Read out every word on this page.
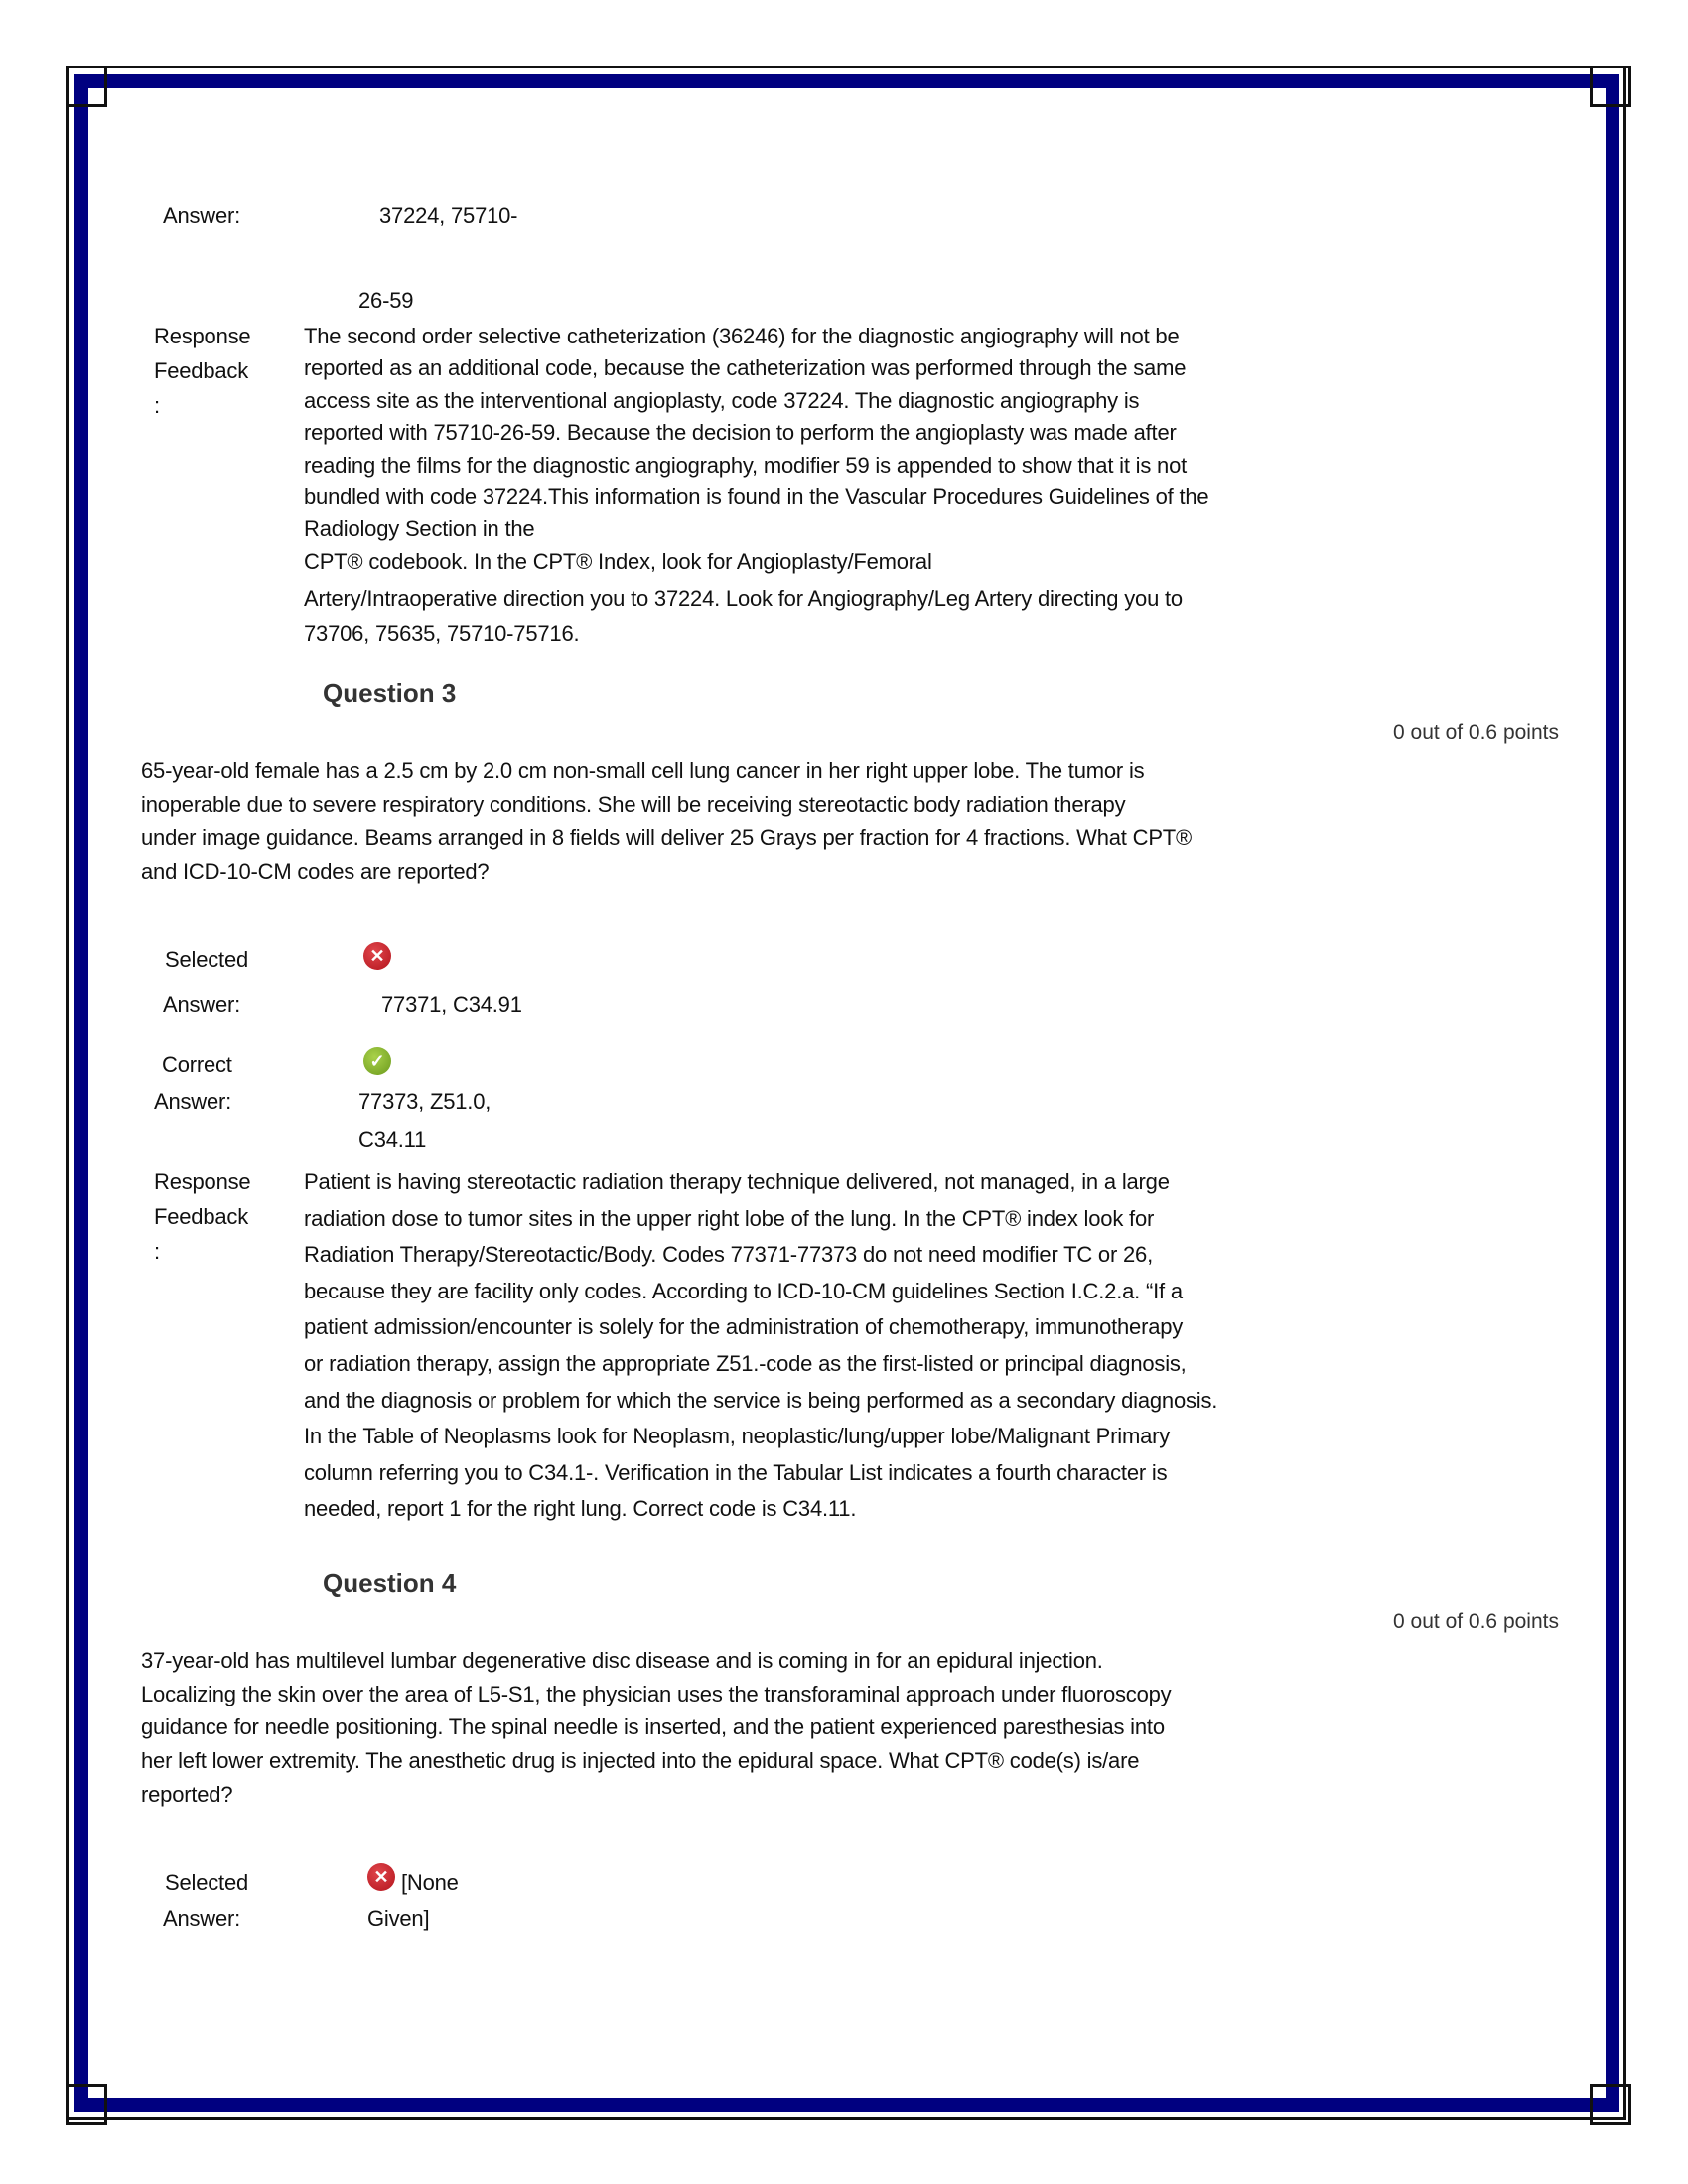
Answer:	37224, 75710-
26-59
Response
Feedback
:
The second order selective catheterization (36246) for the diagnostic angiography will not be
reported as an additional code, because the catheterization was performed through the same
access site as the interventional angioplasty, code 37224. The diagnostic angiography is
reported with 75710-26-59. Because the decision to perform the angioplasty was made after
reading the films for the diagnostic angiography, modifier 59 is appended to show that it is not
bundled with code 37224.This information is found in the Vascular Procedures Guidelines of the
Radiology Section in the
CPT® codebook. In the CPT® Index, look for Angioplasty/Femoral
Artery/Intraoperative direction you to 37224. Look for Angiography/Leg Artery directing you to
73706, 75635, 75710-75716.
Question 3
0 out of 0.6 points
65-year-old female has a 2.5 cm by 2.0 cm non-small cell lung cancer in her right upper lobe. The tumor is
inoperable due to severe respiratory conditions. She will be receiving stereotactic body radiation therapy
under image guidance. Beams arranged in 8 fields will deliver 25 Grays per fraction for 4 fractions. What CPT®
and ICD-10-CM codes are reported?
Selected
Answer:
✕
77371, C34.91
Correct
Answer:
✓
77373, Z51.0,
C34.11
Response
Feedback
:
Patient is having stereotactic radiation therapy technique delivered, not managed, in a large
radiation dose to tumor sites in the upper right lobe of the lung. In the CPT® index look for
Radiation Therapy/Stereotactic/Body. Codes 77371-77373 do not need modifier TC or 26,
because they are facility only codes. According to ICD-10-CM guidelines Section I.C.2.a. “If a
patient admission/encounter is solely for the administration of chemotherapy, immunotherapy
or radiation therapy, assign the appropriate Z51.-code as the first-listed or principal diagnosis,
and the diagnosis or problem for which the service is being performed as a secondary diagnosis.
In the Table of Neoplasms look for Neoplasm, neoplastic/lung/upper lobe/Malignant Primary
column referring you to C34.1-. Verification in the Tabular List indicates a fourth character is
needed, report 1 for the right lung. Correct code is C34.11.
Question 4
0 out of 0.6 points
37-year-old has multilevel lumbar degenerative disc disease and is coming in for an epidural injection.
Localizing the skin over the area of L5-S1, the physician uses the transforaminal approach under fluoroscopy
guidance for needle positioning. The spinal needle is inserted, and the patient experienced paresthesias into
her left lower extremity. The anesthetic drug is injected into the epidural space. What CPT® code(s) is/are
reported?
Selected
Answer:
✕ [None
Given]
